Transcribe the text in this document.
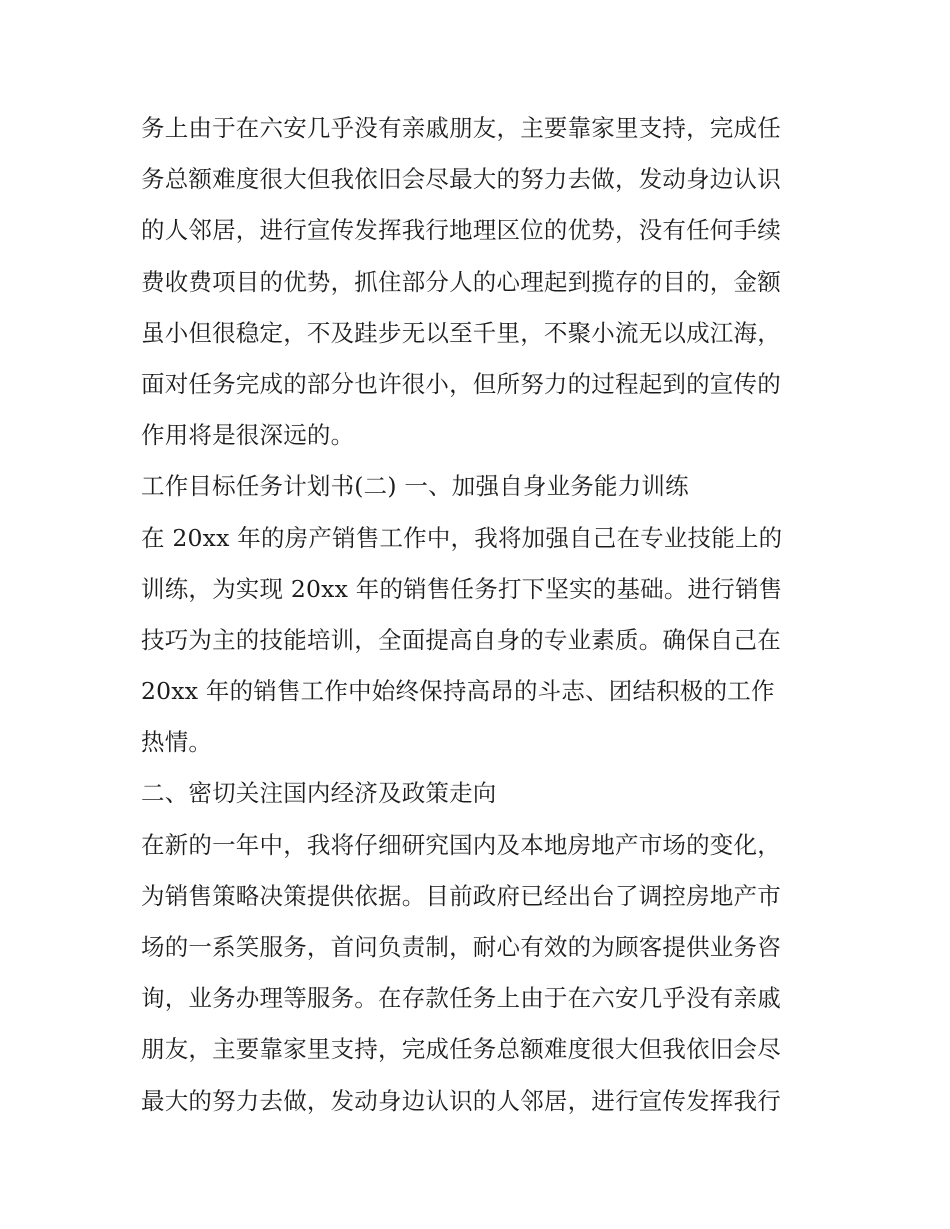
务上由于在六安几乎没有亲戚朋友，主要靠家里支持，完成任
务总额难度很大但我依旧会尽最大的努力去做，发动身边认识
的人邻居，进行宣传发挥我行地理区位的优势，没有任何手续
费收费项目的优势，抓住部分人的心理起到揽存的目的，金额
虽小但很稳定，不及跬步无以至千里，不聚小流无以成江海，
面对任务完成的部分也许很小，但所努力的过程起到的宣传的
作用将是很深远的。
工作目标任务计划书(二) 一、加强自身业务能力训练
在 20xx 年的房产销售工作中，我将加强自己在专业技能上的
训练，为实现 20xx 年的销售任务打下坚实的基础。进行销售
技巧为主的技能培训，全面提高自身的专业素质。确保自己在
20xx 年的销售工作中始终保持高昂的斗志、团结积极的工作
热情。
二、密切关注国内经济及政策走向
在新的一年中，我将仔细研究国内及本地房地产市场的变化，
为销售策略决策提供依据。目前政府已经出台了调控房地产市
场的一系笑服务，首问负责制，耐心有效的为顾客提供业务咨
询，业务办理等服务。在存款任务上由于在六安几乎没有亲戚
朋友，主要靠家里支持，完成任务总额难度很大但我依旧会尽
最大的努力去做，发动身边认识的人邻居，进行宣传发挥我行
